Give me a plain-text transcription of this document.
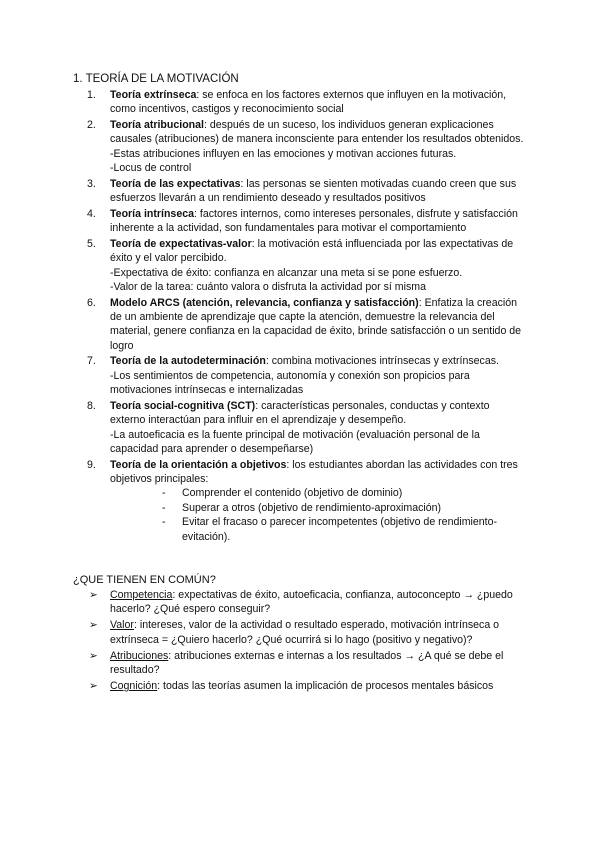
1. TEORÍA DE LA MOTIVACIÓN
1. Teoría extrínseca: se enfoca en los factores externos que influyen en la motivación, como incentivos, castigos y reconocimiento social
2. Teoría atribucional: después de un suceso, los individuos generan explicaciones causales (atribuciones) de manera inconsciente para entender los resultados obtenidos.
-Estas atribuciones influyen en las emociones y motivan acciones futuras.
-Locus de control
3. Teoría de las expectativas: las personas se sienten motivadas cuando creen que sus esfuerzos llevarán a un rendimiento deseado y resultados positivos
4. Teoría intrínseca: factores internos, como intereses personales, disfrute y satisfacción inherente a la actividad, son fundamentales para motivar el comportamiento
5. Teoría de expectativas-valor: la motivación está influenciada por las expectativas de éxito y el valor percibido.
-Expectativa de éxito: confianza en alcanzar una meta si se pone esfuerzo.
-Valor de la tarea: cuánto valora o disfruta la actividad por sí misma
6. Modelo ARCS (atención, relevancia, confianza y satisfacción): Enfatiza la creación de un ambiente de aprendizaje que capte la atención, demuestre la relevancia del material, genere confianza en la capacidad de éxito, brinde satisfacción o un sentido de logro
7. Teoría de la autodeterminación: combina motivaciones intrínsecas y extrínsecas.
-Los sentimientos de competencia, autonomía y conexión son propicios para motivaciones intrínsecas e internalizadas
8. Teoría social-cognitiva (SCT): características personales, conductas y contexto externo interactúan para influir en el aprendizaje y desempeño.
-La autoeficacia es la fuente principal de motivación (evaluación personal de la capacidad para aprender o desempeñarse)
9. Teoría de la orientación a objetivos: los estudiantes abordan las actividades con tres objetivos principales:
- Comprender el contenido (objetivo de dominio)
- Superar a otros (objetivo de rendimiento-aproximación)
- Evitar el fracaso o parecer incompetentes (objetivo de rendimiento-evitación).
¿QUE TIENEN EN COMÚN?
➢ Competencia: expectativas de éxito, autoeficacia, confianza, autoconcepto → ¿puedo hacerlo? ¿Qué espero conseguir?
➢ Valor: intereses, valor de la actividad o resultado esperado, motivación intrínseca o extrínseca = ¿Quiero hacerlo? ¿Qué ocurrirá si lo hago (positivo y negativo)?
➢ Atribuciones: atribuciones externas e internas a los resultados → ¿A qué se debe el resultado?
➢ Cognición: todas las teorías asumen la implicación de procesos mentales básicos
